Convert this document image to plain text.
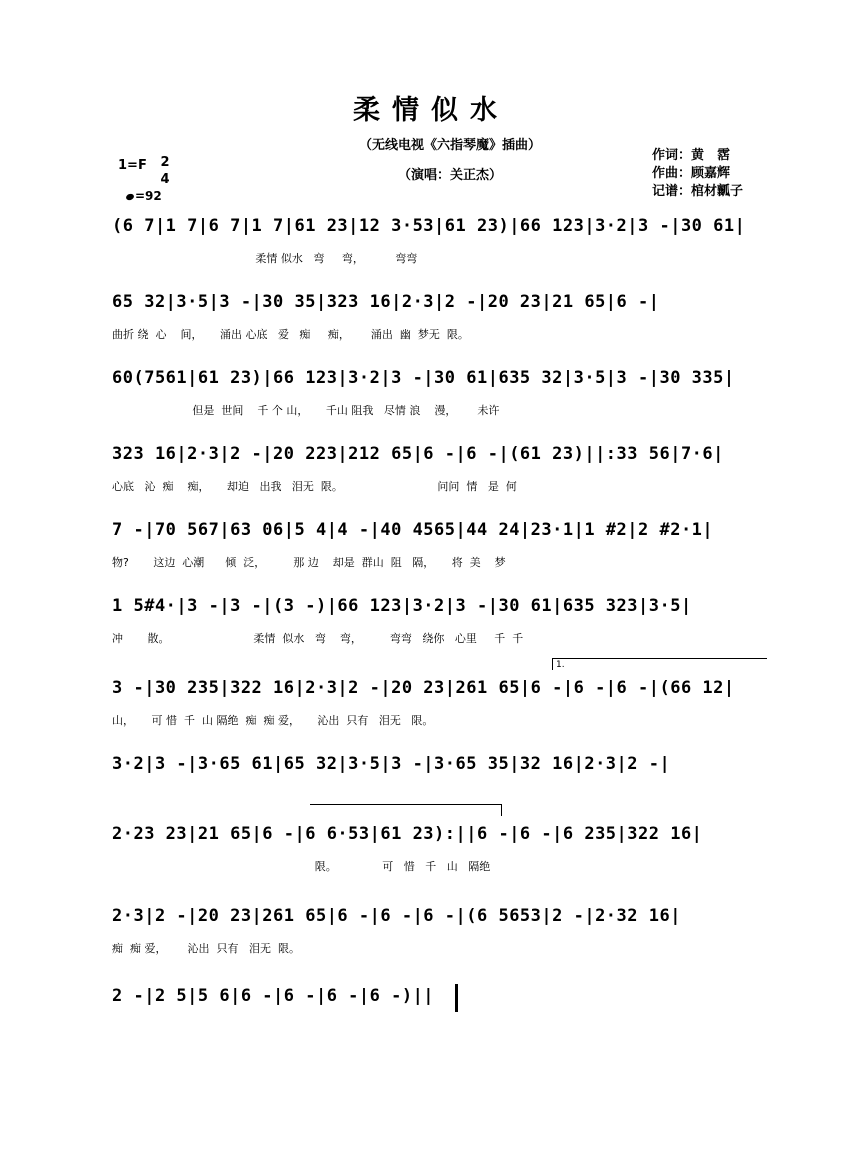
柔情似水
（无线电视《六指琴魔》插曲）
（演唱：关正杰）
作词：黄　霑
作曲：顾嘉辉
记谱：棺材瓤子
1=F 2
4
=92
(6 7|1 7|6 7|1 7|61 23|12 3·53|61 23)|66 123|3·2|3 -|30 61|
柔情 似水   弯     弯，         弯弯
65 32|3·5|3 -|30 35|323 16|2·3|2 -|20 23|21 65|6 -|
曲折 绕  心    间，     涌出 心底   爱   痴     痴，      涌出  幽  梦无  限。
60(7561|61 23)|66 123|3·2|3 -|30 61|635 32|3·5|3 -|30 335|
但是  世间    千 个 山，     千山 阻我   尽情 浪    漫，      未许
323 16|2·3|2 -|20 223|212 65|6 -|6 -|(61 23)||:33 56|7·6|
心底   沁  痴    痴，     却迫   出我   泪无  限。                           问问  情   是  何
7 -|70 567|63 06|5 4|4 -|40 4565|44 24|23·1|1 #2|2 #2·1|
物?       这边  心潮      倾  泛，        那 边    却是  群山  阻   隔，     将  美    梦
1 5#4·|3 -|3 -|(3 -)|66 123|3·2|3 -|30 61|635 323|3·5|
冲       散。                        柔情  似水   弯    弯，        弯弯   绕你   心里     千  千
1.
3 -|30 235|322 16|2·3|2 -|20 23|261 65|6 -|6 -|6 -|(66 12|
山，     可 惜  千  山 隔绝  痴  痴 爱，     沁出  只有   泪无   限。
3·2|3 -|3·65 61|65 32|3·5|3 -|3·65 35|32 16|2·3|2 -|
2·23 23|21 65|6 -|6 6·53|61 23):||6 -|6 -|6 235|322 16|
限。             可   惜   千   山   隔绝
2·3|2 -|20 23|261 65|6 -|6 -|6 -|(6 5653|2 -|2·32 16|
痴  痴 爱，      沁出  只有   泪无  限。
2 -|2 5|5 6|6 -|6 -|6 -|6 -)||
